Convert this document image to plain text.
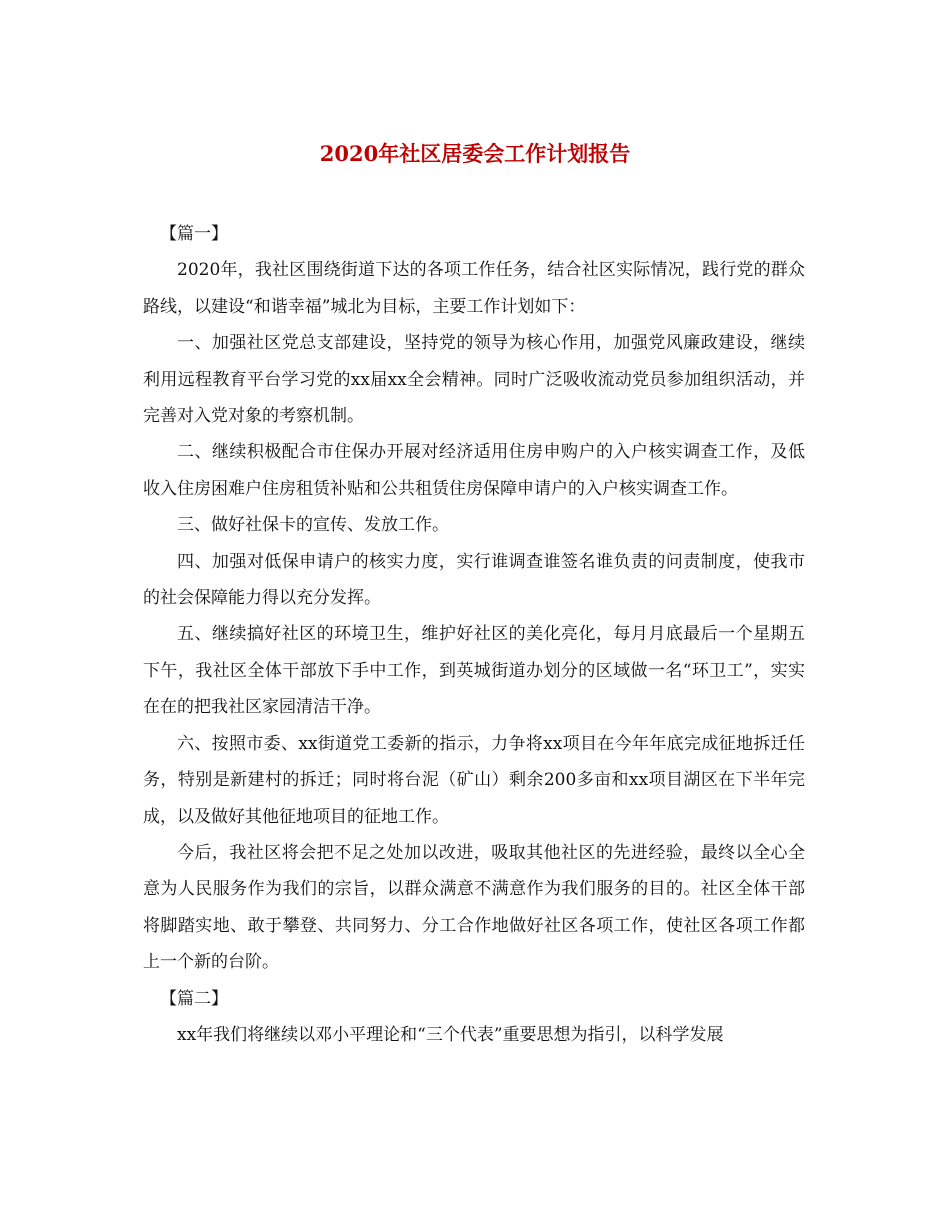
2020年社区居委会工作计划报告

【篇一】

2020年，我社区围绕街道下达的各项工作任务，结合社区实际情况，践行党的群众路线，以建设“和谐幸福”城北为目标，主要工作计划如下：

一、加强社区党总支部建设，坚持党的领导为核心作用，加强党风廉政建设，继续利用远程教育平台学习党的xx届xx全会精神。同时广泛吸收流动党员参加组织活动，并完善对入党对象的考察机制。

二、继续积极配合市住保办开展对经济适用住房申购户的入户核实调查工作，及低收入住房困难户住房租赁补贴和公共租赁住房保障申请户的入户核实调查工作。

三、做好社保卡的宣传、发放工作。

四、加强对低保申请户的核实力度，实行谁调查谁签名谁负责的问责制度，使我市的社会保障能力得以充分发挥。

五、继续搞好社区的环境卫生，维护好社区的美化亮化，每月月底最后一个星期五下午，我社区全体干部放下手中工作，到英城街道办划分的区域做一名“环卫工”，实实在在的把我社区家园清洁干净。

六、按照市委、xx街道党工委新的指示，力争将xx项目在今年年底完成征地拆迁任务，特别是新建村的拆迁；同时将台泥（矿山）剩余200多亩和xx项目湖区在下半年完成，以及做好其他征地项目的征地工作。

今后，我社区将会把不足之处加以改进，吸取其他社区的先进经验，最终以全心全意为人民服务作为我们的宗旨，以群众满意不满意作为我们服务的目的。社区全体干部将脚踏实地、敢于攀登、共同努力、分工合作地做好社区各项工作，使社区各项工作都上一个新的台阶。

【篇二】

xx年我们将继续以邓小平理论和“三个代表”重要思想为指引，以科学发展
